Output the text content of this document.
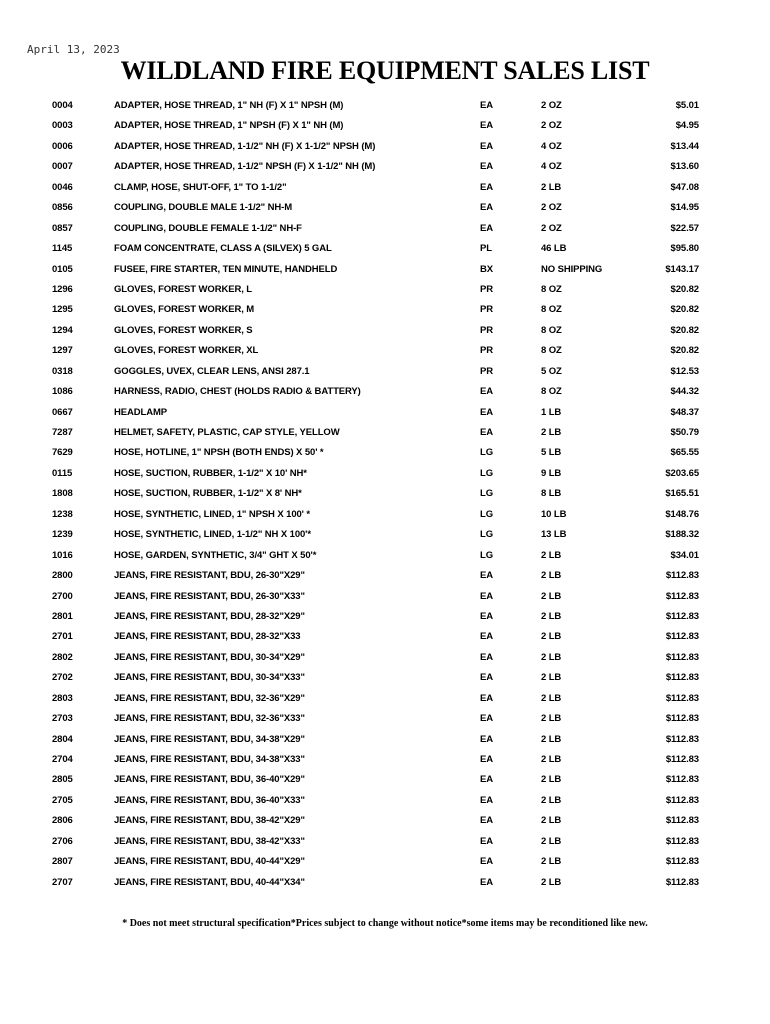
April 13, 2023
WILDLAND FIRE EQUIPMENT SALES LIST
0004	ADAPTER, HOSE THREAD, 1" NH (F) X 1" NPSH (M)	EA	2 OZ	$5.01
0003	ADAPTER, HOSE THREAD, 1" NPSH (F) X 1" NH (M)	EA	2 OZ	$4.95
0006	ADAPTER, HOSE THREAD, 1-1/2" NH (F) X 1-1/2" NPSH (M)	EA	4 OZ	$13.44
0007	ADAPTER, HOSE THREAD, 1-1/2" NPSH (F) X 1-1/2" NH (M)	EA	4 OZ	$13.60
0046	CLAMP, HOSE, SHUT-OFF, 1" TO 1-1/2"	EA	2 LB	$47.08
0856	COUPLING, DOUBLE MALE 1-1/2" NH-M	EA	2 OZ	$14.95
0857	COUPLING, DOUBLE FEMALE 1-1/2" NH-F	EA	2 OZ	$22.57
1145	FOAM CONCENTRATE, CLASS A (SILVEX) 5 GAL	PL	46 LB	$95.80
0105	FUSEE, FIRE STARTER, TEN MINUTE, HANDHELD	BX	NO SHIPPING	$143.17
1296	GLOVES, FOREST WORKER, L	PR	8 OZ	$20.82
1295	GLOVES, FOREST WORKER, M	PR	8 OZ	$20.82
1294	GLOVES, FOREST WORKER, S	PR	8 OZ	$20.82
1297	GLOVES, FOREST WORKER, XL	PR	8 OZ	$20.82
0318	GOGGLES, UVEX, CLEAR LENS, ANSI 287.1	PR	5 OZ	$12.53
1086	HARNESS, RADIO, CHEST (HOLDS RADIO & BATTERY)	EA	8 OZ	$44.32
0667	HEADLAMP	EA	1 LB	$48.37
7287	HELMET, SAFETY, PLASTIC, CAP STYLE, YELLOW	EA	2 LB	$50.79
7629	HOSE, HOTLINE, 1" NPSH (BOTH ENDS) X 50' *	LG	5 LB	$65.55
0115	HOSE, SUCTION, RUBBER, 1-1/2" X 10' NH*	LG	9 LB	$203.65
1808	HOSE, SUCTION, RUBBER, 1-1/2" X 8' NH*	LG	8 LB	$165.51
1238	HOSE, SYNTHETIC, LINED, 1" NPSH X 100' *	LG	10 LB	$148.76
1239	HOSE, SYNTHETIC, LINED, 1-1/2" NH X 100'*	LG	13 LB	$188.32
1016	HOSE, GARDEN, SYNTHETIC, 3/4" GHT X 50'*	LG	2 LB	$34.01
2800	JEANS, FIRE RESISTANT, BDU, 26-30"X29"	EA	2 LB	$112.83
2700	JEANS, FIRE RESISTANT, BDU, 26-30"X33"	EA	2 LB	$112.83
2801	JEANS, FIRE RESISTANT, BDU, 28-32"X29"	EA	2 LB	$112.83
2701	JEANS, FIRE RESISTANT, BDU, 28-32"X33	EA	2 LB	$112.83
2802	JEANS, FIRE RESISTANT, BDU, 30-34"X29"	EA	2 LB	$112.83
2702	JEANS, FIRE RESISTANT, BDU, 30-34"X33"	EA	2 LB	$112.83
2803	JEANS, FIRE RESISTANT, BDU, 32-36"X29"	EA	2 LB	$112.83
2703	JEANS, FIRE RESISTANT, BDU, 32-36"X33"	EA	2 LB	$112.83
2804	JEANS, FIRE RESISTANT, BDU, 34-38"X29"	EA	2 LB	$112.83
2704	JEANS, FIRE RESISTANT, BDU, 34-38"X33"	EA	2 LB	$112.83
2805	JEANS, FIRE RESISTANT, BDU, 36-40"X29"	EA	2 LB	$112.83
2705	JEANS, FIRE RESISTANT, BDU, 36-40"X33"	EA	2 LB	$112.83
2806	JEANS, FIRE RESISTANT, BDU, 38-42"X29"	EA	2 LB	$112.83
2706	JEANS, FIRE RESISTANT, BDU, 38-42"X33"	EA	2 LB	$112.83
2807	JEANS, FIRE RESISTANT, BDU, 40-44"X29"	EA	2 LB	$112.83
2707	JEANS, FIRE RESISTANT, BDU, 40-44"X34"	EA	2 LB	$112.83

* Does not meet structural specification*Prices subject to change without notice*some items may be reconditioned like new.
